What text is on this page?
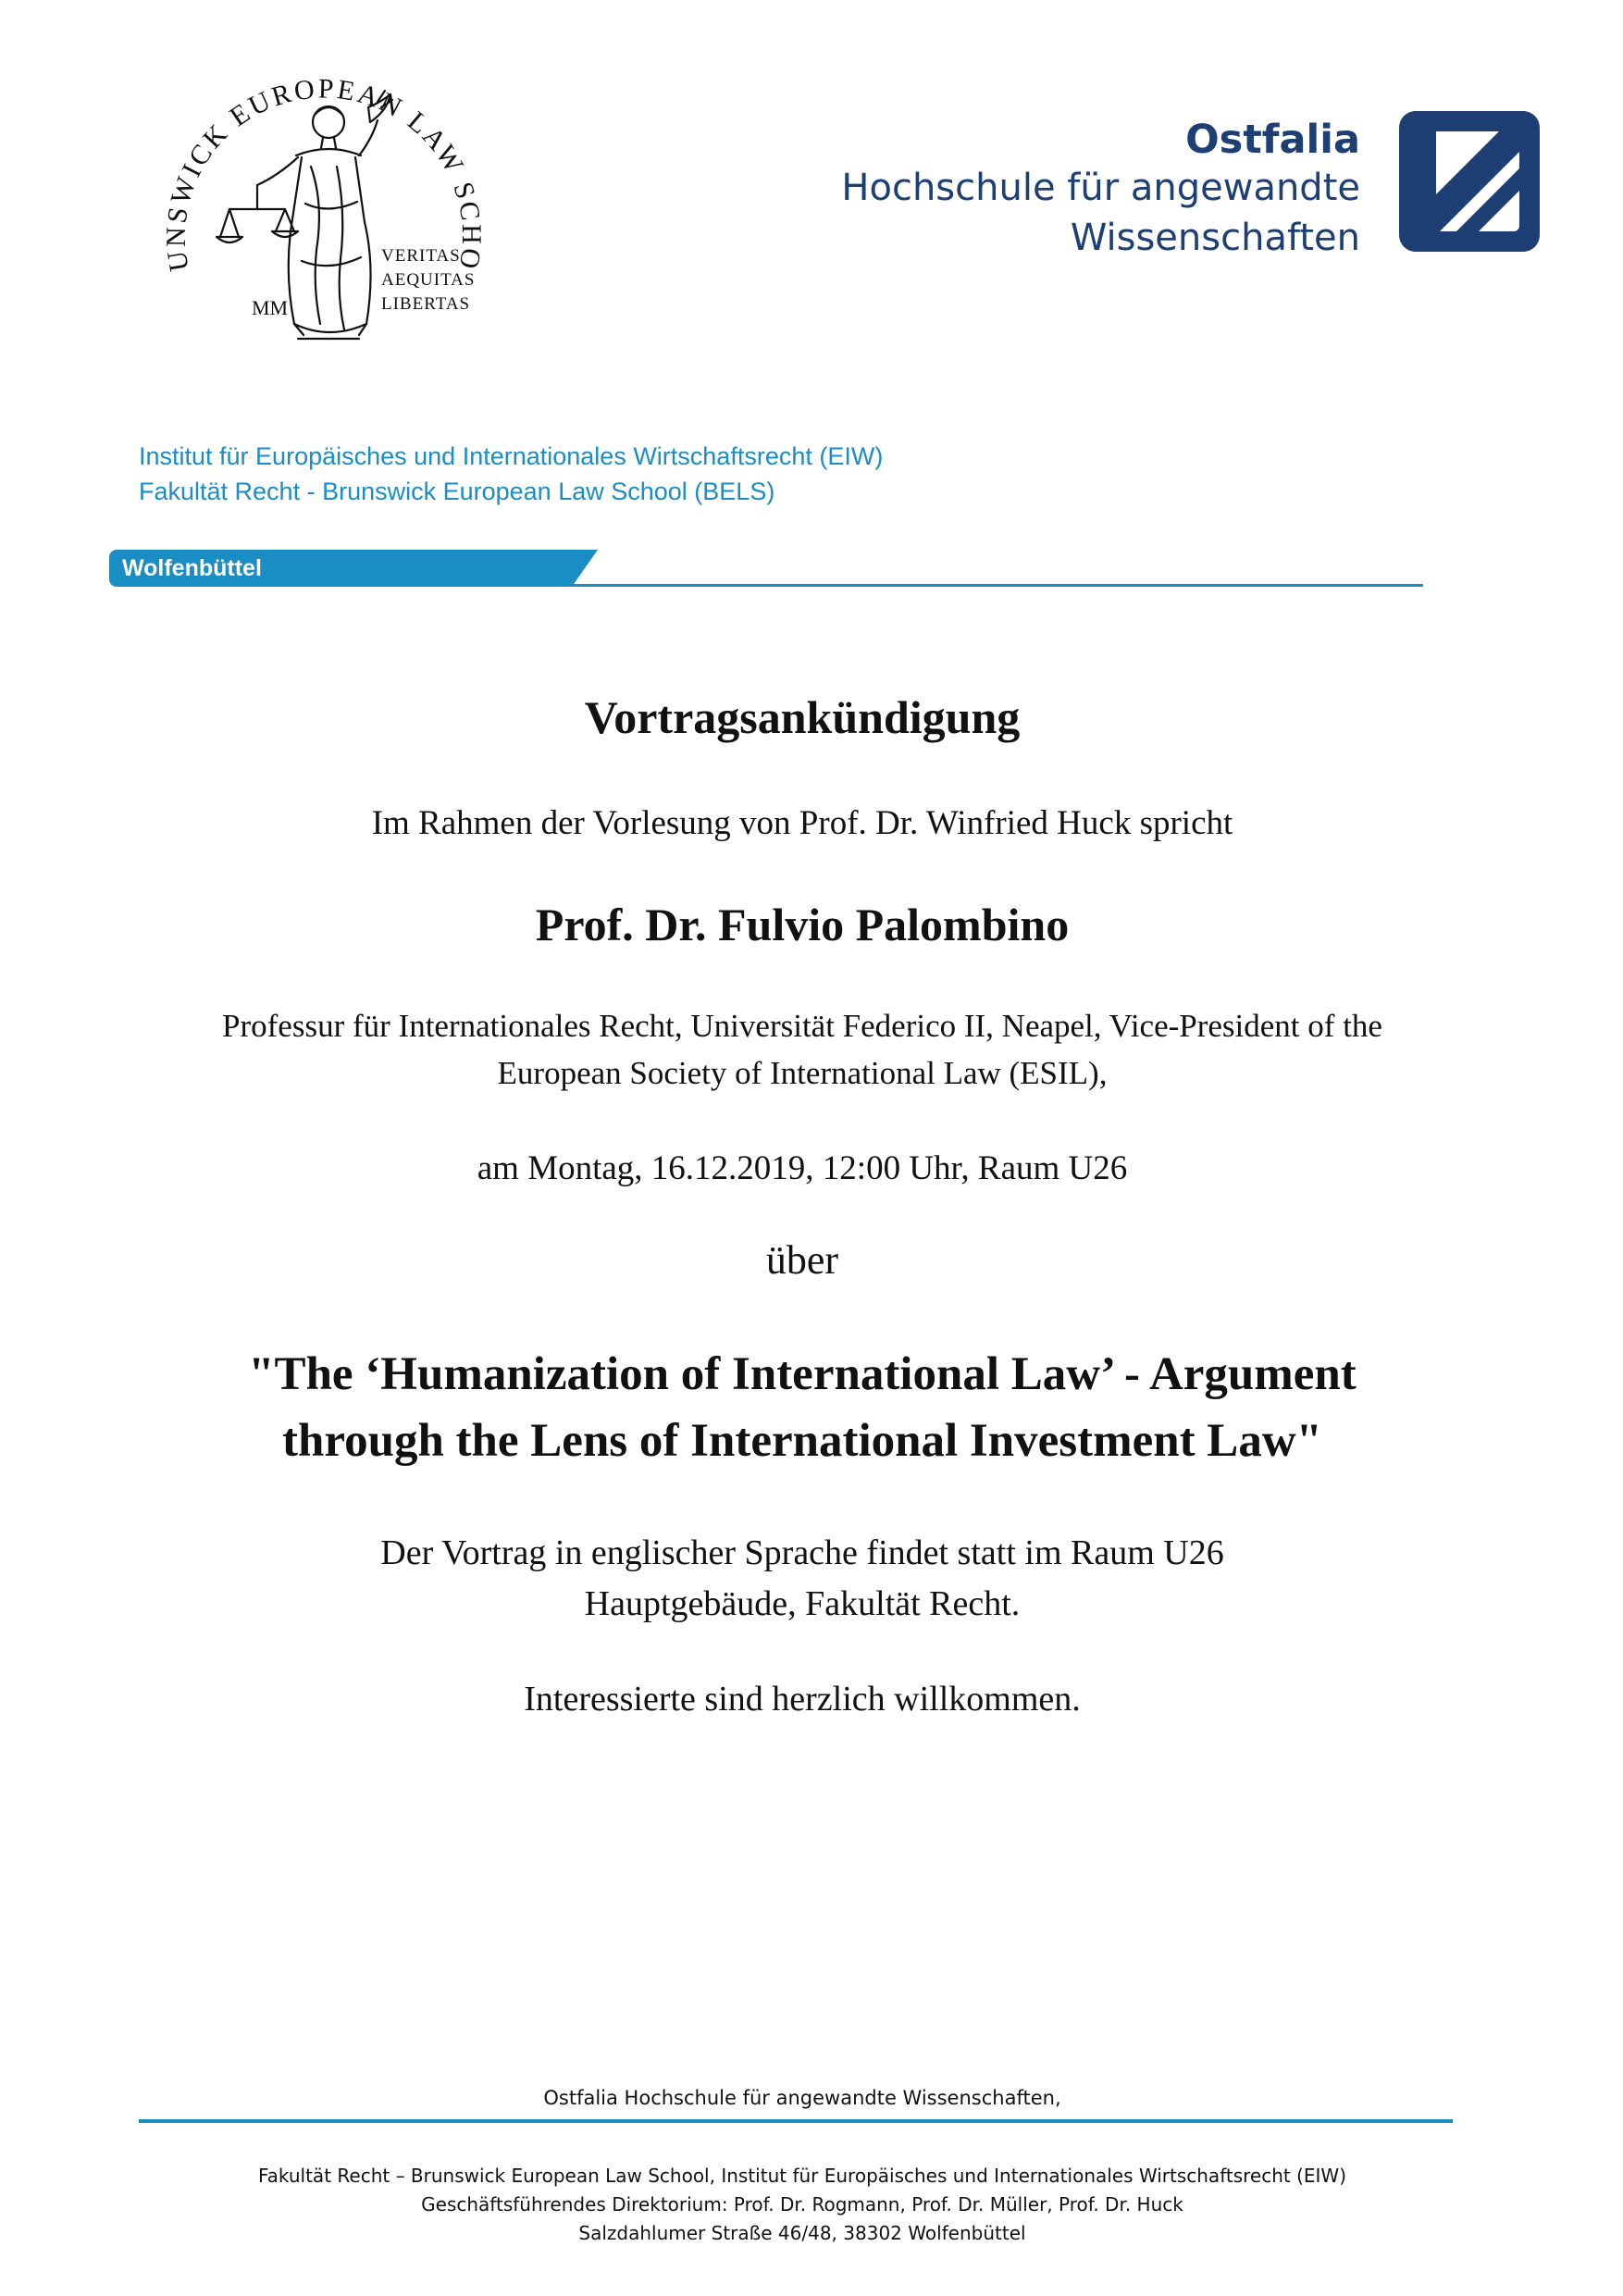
UNSWICK EUROPEAN LAW SCHO
MM
VERITAS
AEQUITAS
LIBERTAS
Ostfalia
Hochschule für angewandte
Wissenschaften
Institut für Europäisches und Internationales Wirtschaftsrecht (EIW)
Fakultät Recht - Brunswick European Law School (BELS)
Wolfenbüttel
Vortragsankündigung
Im Rahmen der Vorlesung von Prof. Dr. Winfried Huck spricht
Prof. Dr. Fulvio Palombino
Professur für Internationales Recht, Universität Federico II, Neapel, Vice-President of the
European Society of International Law (ESIL),
am Montag, 16.12.2019, 12:00 Uhr, Raum U26
über
"The ‘Humanization of International Law’ - Argument
through the Lens of International Investment Law"
Der Vortrag in englischer Sprache findet statt im Raum U26
Hauptgebäude, Fakultät Recht.
Interessierte sind herzlich willkommen.
Ostfalia Hochschule für angewandte Wissenschaften,
Fakultät Recht – Brunswick European Law School, Institut für Europäisches und Internationales Wirtschaftsrecht (EIW)
Geschäftsführendes Direktorium: Prof. Dr. Rogmann, Prof. Dr. Müller, Prof. Dr. Huck
Salzdahlumer Straße 46/48, 38302 Wolfenbüttel
